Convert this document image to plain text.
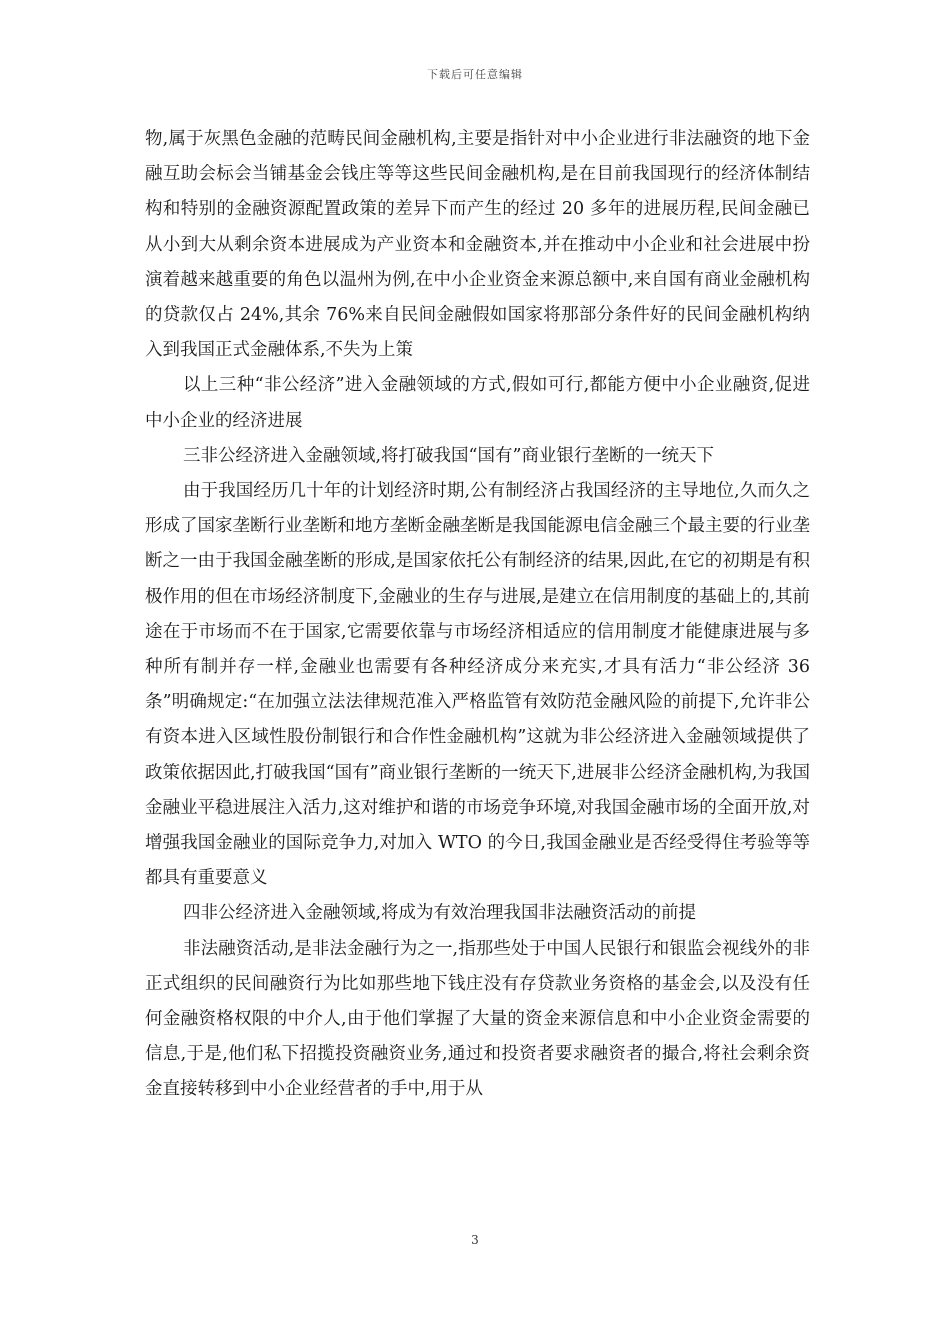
下载后可任意编辑

物,属于灰黑色金融的范畴民间金融机构,主要是指针对中小企业进行非法融资的地下金融互助会标会当铺基金会钱庄等等这些民间金融机构,是在目前我国现行的经济体制结构和特别的金融资源配置政策的差异下而产生的经过 20 多年的进展历程,民间金融已从小到大从剩余资本进展成为产业资本和金融资本,并在推动中小企业和社会进展中扮演着越来越重要的角色以温州为例,在中小企业资金来源总额中,来自国有商业金融机构的贷款仅占 24%,其余 76%来自民间金融假如国家将那部分条件好的民间金融机构纳入到我国正式金融体系,不失为上策

以上三种“非公经济”进入金融领域的方式,假如可行,都能方便中小企业融资,促进中小企业的经济进展

三非公经济进入金融领域,将打破我国“国有”商业银行垄断的一统天下

由于我国经历几十年的计划经济时期,公有制经济占我国经济的主导地位,久而久之形成了国家垄断行业垄断和地方垄断金融垄断是我国能源电信金融三个最主要的行业垄断之一由于我国金融垄断的形成,是国家依托公有制经济的结果,因此,在它的初期是有积极作用的但在市场经济制度下,金融业的生存与进展,是建立在信用制度的基础上的,其前途在于市场而不在于国家,它需要依靠与市场经济相适应的信用制度才能健康进展与多种所有制并存一样,金融业也需要有各种经济成分来充实,才具有活力“非公经济 36 条”明确规定:“在加强立法法律规范准入严格监管有效防范金融风险的前提下,允许非公有资本进入区域性股份制银行和合作性金融机构”这就为非公经济进入金融领域提供了政策依据因此,打破我国“国有”商业银行垄断的一统天下,进展非公经济金融机构,为我国金融业平稳进展注入活力,这对维护和谐的市场竞争环境,对我国金融市场的全面开放,对增强我国金融业的国际竞争力,对加入 WTO 的今日,我国金融业是否经受得住考验等等都具有重要意义

四非公经济进入金融领域,将成为有效治理我国非法融资活动的前提

非法融资活动,是非法金融行为之一,指那些处于中国人民银行和银监会视线外的非正式组织的民间融资行为比如那些地下钱庄没有存贷款业务资格的基金会,以及没有任何金融资格权限的中介人,由于他们掌握了大量的资金来源信息和中小企业资金需要的信息,于是,他们私下招揽投资融资业务,通过和投资者要求融资者的撮合,将社会剩余资金直接转移到中小企业经营者的手中,用于从

3
